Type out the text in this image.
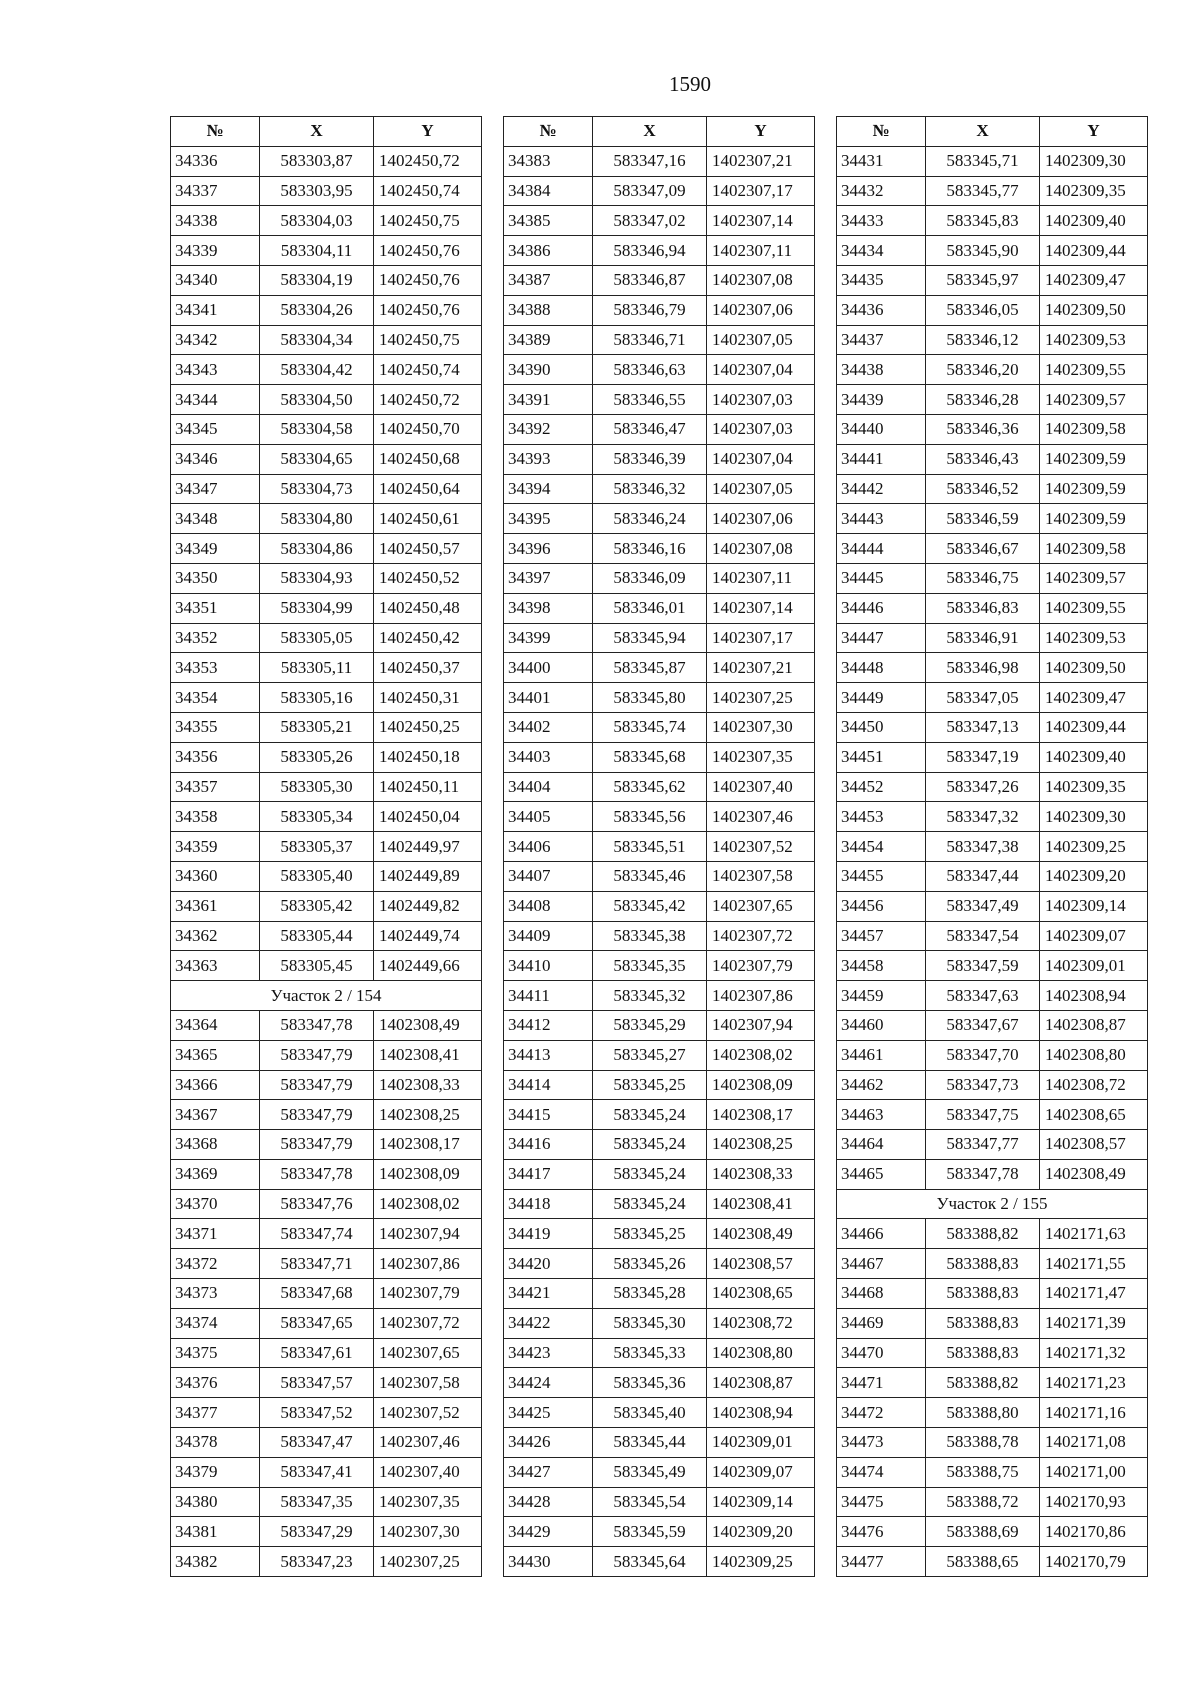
1590
№	X	Y
34336	583303,87	1402450,72
34337	583303,95	1402450,74
34338	583304,03	1402450,75
34339	583304,11	1402450,76
34340	583304,19	1402450,76
34341	583304,26	1402450,76
34342	583304,34	1402450,75
34343	583304,42	1402450,74
34344	583304,50	1402450,72
34345	583304,58	1402450,70
34346	583304,65	1402450,68
34347	583304,73	1402450,64
34348	583304,80	1402450,61
34349	583304,86	1402450,57
34350	583304,93	1402450,52
34351	583304,99	1402450,48
34352	583305,05	1402450,42
34353	583305,11	1402450,37
34354	583305,16	1402450,31
34355	583305,21	1402450,25
34356	583305,26	1402450,18
34357	583305,30	1402450,11
34358	583305,34	1402450,04
34359	583305,37	1402449,97
34360	583305,40	1402449,89
34361	583305,42	1402449,82
34362	583305,44	1402449,74
34363	583305,45	1402449,66
Участок 2 / 154		
34364	583347,78	1402308,49
34365	583347,79	1402308,41
34366	583347,79	1402308,33
34367	583347,79	1402308,25
34368	583347,79	1402308,17
34369	583347,78	1402308,09
34370	583347,76	1402308,02
34371	583347,74	1402307,94
34372	583347,71	1402307,86
34373	583347,68	1402307,79
34374	583347,65	1402307,72
34375	583347,61	1402307,65
34376	583347,57	1402307,58
34377	583347,52	1402307,52
34378	583347,47	1402307,46
34379	583347,41	1402307,40
34380	583347,35	1402307,35
34381	583347,29	1402307,30
34382	583347,23	1402307,25
№	X	Y
34383	583347,16	1402307,21
34384	583347,09	1402307,17
34385	583347,02	1402307,14
34386	583346,94	1402307,11
34387	583346,87	1402307,08
34388	583346,79	1402307,06
34389	583346,71	1402307,05
34390	583346,63	1402307,04
34391	583346,55	1402307,03
34392	583346,47	1402307,03
34393	583346,39	1402307,04
34394	583346,32	1402307,05
34395	583346,24	1402307,06
34396	583346,16	1402307,08
34397	583346,09	1402307,11
34398	583346,01	1402307,14
34399	583345,94	1402307,17
34400	583345,87	1402307,21
34401	583345,80	1402307,25
34402	583345,74	1402307,30
34403	583345,68	1402307,35
34404	583345,62	1402307,40
34405	583345,56	1402307,46
34406	583345,51	1402307,52
34407	583345,46	1402307,58
34408	583345,42	1402307,65
34409	583345,38	1402307,72
34410	583345,35	1402307,79
34411	583345,32	1402307,86
34412	583345,29	1402307,94
34413	583345,27	1402308,02
34414	583345,25	1402308,09
34415	583345,24	1402308,17
34416	583345,24	1402308,25
34417	583345,24	1402308,33
34418	583345,24	1402308,41
34419	583345,25	1402308,49
34420	583345,26	1402308,57
34421	583345,28	1402308,65
34422	583345,30	1402308,72
34423	583345,33	1402308,80
34424	583345,36	1402308,87
34425	583345,40	1402308,94
34426	583345,44	1402309,01
34427	583345,49	1402309,07
34428	583345,54	1402309,14
34429	583345,59	1402309,20
34430	583345,64	1402309,25
№	X	Y
34431	583345,71	1402309,30
34432	583345,77	1402309,35
34433	583345,83	1402309,40
34434	583345,90	1402309,44
34435	583345,97	1402309,47
34436	583346,05	1402309,50
34437	583346,12	1402309,53
34438	583346,20	1402309,55
34439	583346,28	1402309,57
34440	583346,36	1402309,58
34441	583346,43	1402309,59
34442	583346,52	1402309,59
34443	583346,59	1402309,59
34444	583346,67	1402309,58
34445	583346,75	1402309,57
34446	583346,83	1402309,55
34447	583346,91	1402309,53
34448	583346,98	1402309,50
34449	583347,05	1402309,47
34450	583347,13	1402309,44
34451	583347,19	1402309,40
34452	583347,26	1402309,35
34453	583347,32	1402309,30
34454	583347,38	1402309,25
34455	583347,44	1402309,20
34456	583347,49	1402309,14
34457	583347,54	1402309,07
34458	583347,59	1402309,01
34459	583347,63	1402308,94
34460	583347,67	1402308,87
34461	583347,70	1402308,80
34462	583347,73	1402308,72
34463	583347,75	1402308,65
34464	583347,77	1402308,57
34465	583347,78	1402308,49
Участок 2 / 155		
34466	583388,82	1402171,63
34467	583388,83	1402171,55
34468	583388,83	1402171,47
34469	583388,83	1402171,39
34470	583388,83	1402171,32
34471	583388,82	1402171,23
34472	583388,80	1402171,16
34473	583388,78	1402171,08
34474	583388,75	1402171,00
34475	583388,72	1402170,93
34476	583388,69	1402170,86
34477	583388,65	1402170,79
